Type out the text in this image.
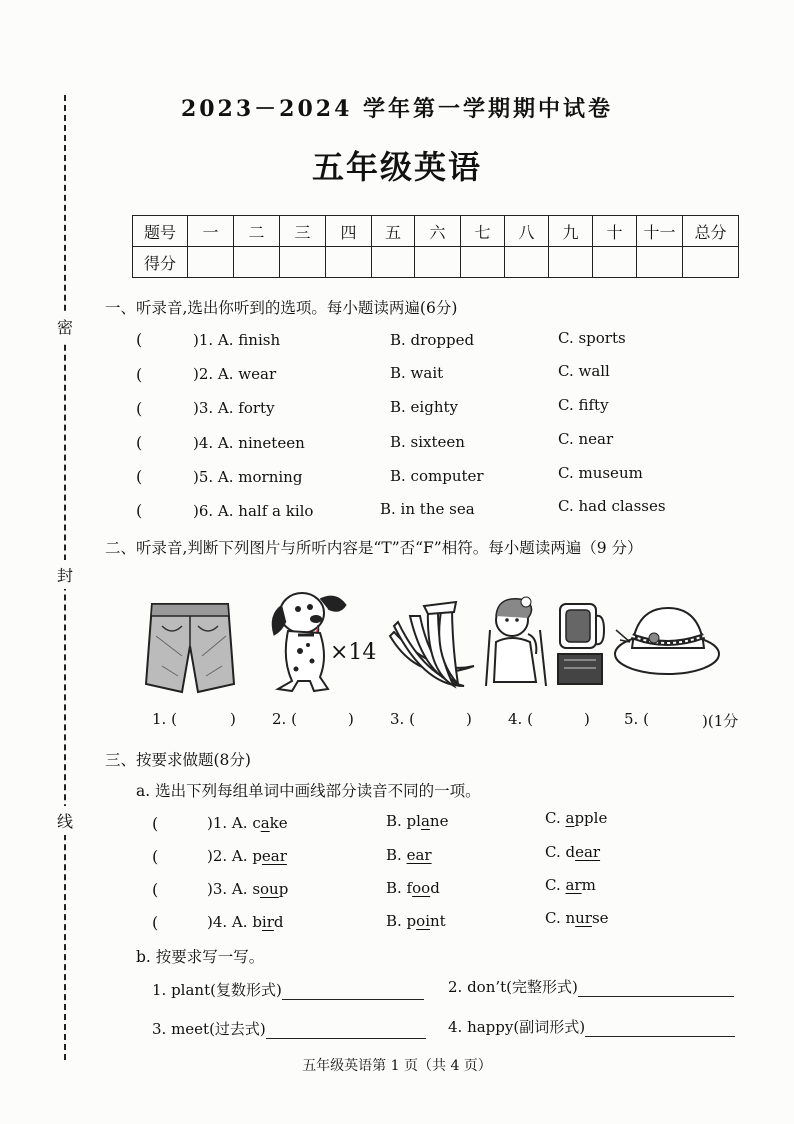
密
封
线
2023－2024 学年第一学期期中试卷
五年级英语
题号	一	二	三	四	五	六	七	八	九	十	十一	总分
得分												
一、听录音,选出你听到的选项。每小题读两遍(6分)
(	)1. A. finish	B. dropped	C. sports
(	)2. A. wear	B. wait	C. wall
(	)3. A. forty	B. eighty	C. fifty
(	)4. A. nineteen	B. sixteen	C. near
(	)5. A. morning	B. computer	C. museum
(	)6. A. half a kilo	B. in the sea	C. had classes
二、听录音,判断下列图片与所听内容是“T”否“F”相符。每小题读两遍（9 分）
×14
1. (	) 2. (	) 3. (	) 4. (	) 5. (	)(1分
三、按要求做题(8分)
a. 选出下列每组单词中画线部分读音不同的一项。
(	)1. A. cake	B. plane	C. apple
(	)2. A. pear	B. ear	C. dear
(	)3. A. soup	B. food	C. arm
(	)4. A. bird	B. point	C. nurse
b. 按要求写一写。
1. plant(复数形式)	2. don’t(完整形式)
3. meet(过去式)	4. happy(副词形式)
五年级英语第 1 页（共 4 页）
